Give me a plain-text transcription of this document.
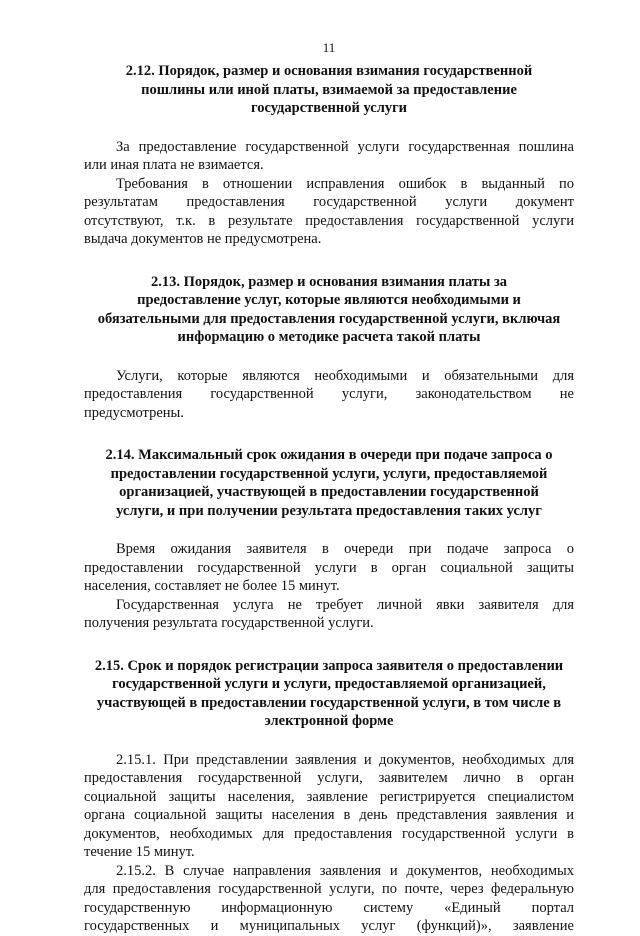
11
2.12. Порядок, размер и основания взимания государственной
пошлины или иной платы, взимаемой за предоставление
государственной услуги
За предоставление государственной услуги государственная пошлина
или иная плата не взимается.
Требования в отношении исправления ошибок в выданный по
результатам предоставления государственной услуги документ
отсутствуют, т.к. в результате предоставления государственной услуги
выдача документов не предусмотрена.
2.13. Порядок, размер и основания взимания платы за
предоставление услуг, которые являются необходимыми и
обязательными для предоставления государственной услуги, включая
информацию о методике расчета такой платы
Услуги, которые являются необходимыми и обязательными для
предоставления государственной услуги, законодательством не
предусмотрены.
2.14. Максимальный срок ожидания в очереди при подаче запроса о
предоставлении государственной услуги, услуги, предоставляемой
организацией, участвующей в предоставлении государственной
услуги, и при получении результата предоставления таких услуг
Время ожидания заявителя в очереди при подаче запроса о
предоставлении государственной услуги в орган социальной защиты
населения, составляет не более 15 минут.
Государственная услуга не требует личной явки заявителя для
получения результата государственной услуги.
2.15. Срок и порядок регистрации запроса заявителя о предоставлении
государственной услуги и услуги, предоставляемой организацией,
участвующей в предоставлении государственной услуги, в том числе в
электронной форме
2.15.1. При представлении заявления и документов, необходимых для
предоставления государственной услуги, заявителем лично в орган
социальной защиты населения, заявление регистрируется специалистом
органа социальной защиты населения в день представления заявления и
документов, необходимых для предоставления государственной услуги в
течение 15 минут.
2.15.2. В случае направления заявления и документов, необходимых
для предоставления государственной услуги, по почте, через федеральную
государственную информационную систему «Единый портал
государственных и муниципальных услуг (функций)», заявление
